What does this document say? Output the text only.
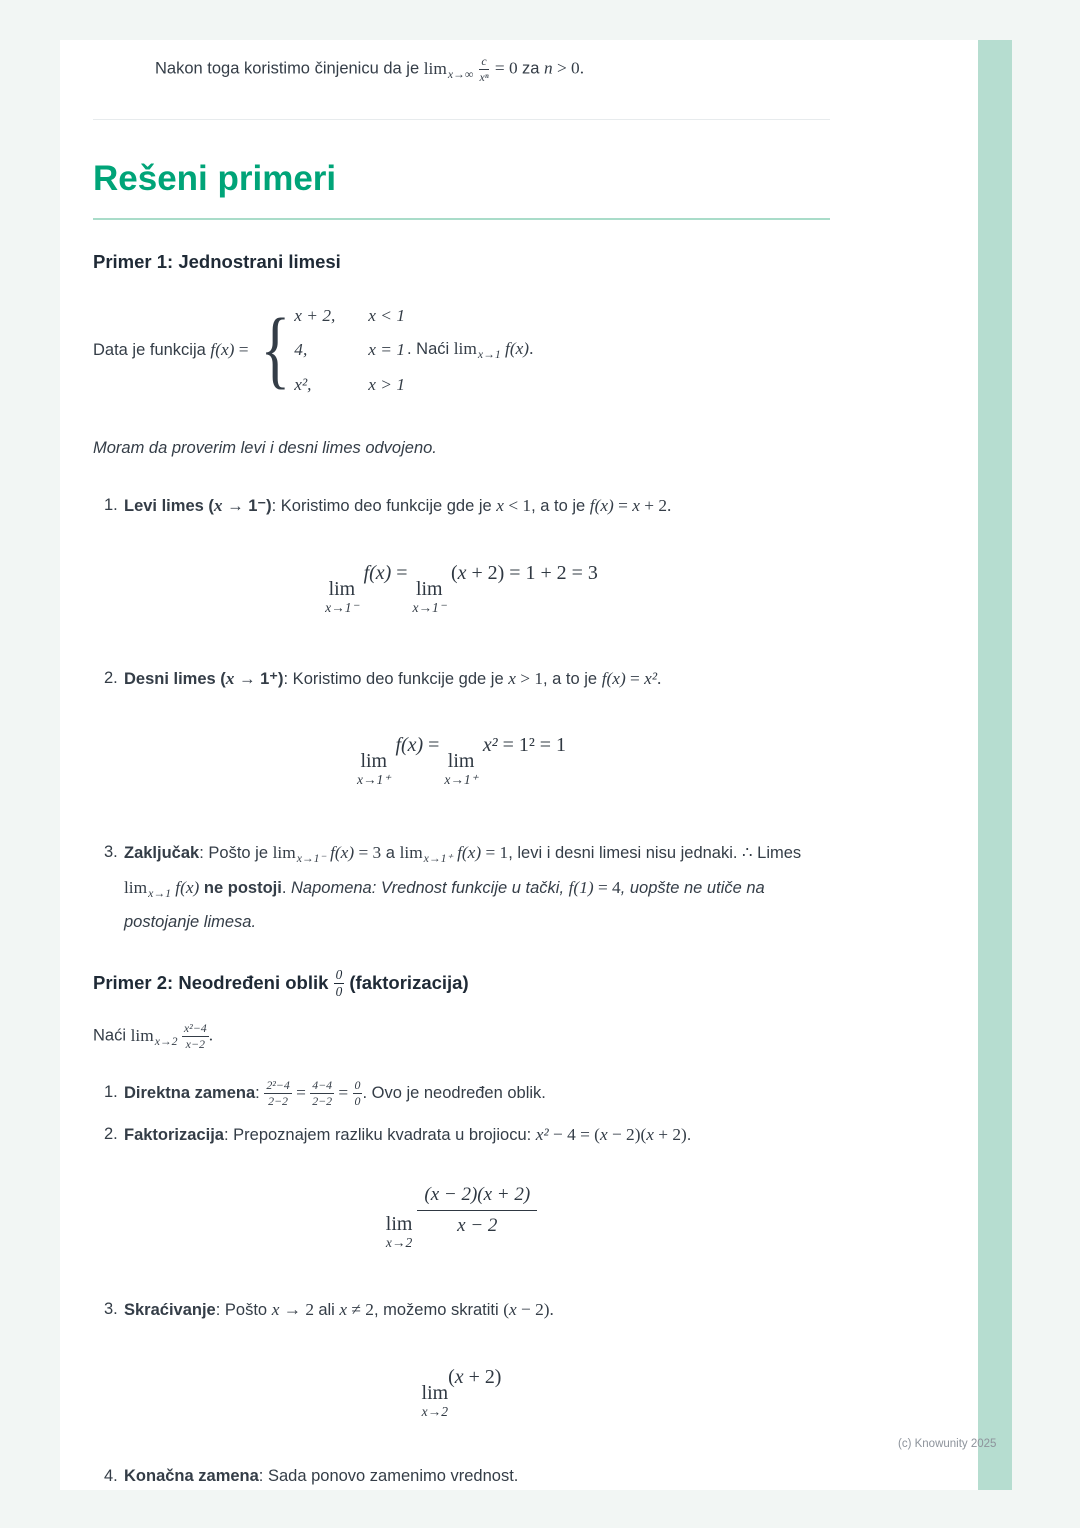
Nakon toga koristimo činjenicu da je $\lim_{x\to\infty} \frac{c}{\text{xⁿ}} = 0$ za n > 0.

Rešeni primeri
Primer 1: Jednostrani limesi
Data je funkcija f(x) = { x + 2,	x < 1
4,	x = 1
x²,	x > 1
. Naći $\lim_{x\to 1} f(x)$.

Moram da proverim levi i desni limes odvojeno.

1. Levi limes (x → 1⁻): Koristimo deo funkcije gde je x < 1, a to je f(x) = x + 2.
lim
x→1⁻
f(x) =
lim
x→1⁻
(x + 2) = 1 + 2 = 3
2. Desni limes (x → 1⁺): Koristimo deo funkcije gde je x > 1, a to je f(x) = x².
lim
x→1⁺
f(x) =
lim
x→1⁺
x² = 1² = 1
3. Zaključak: Pošto je $\lim_{x\to 1^-} f(x) = 3$ a $\lim_{x\to 1^+} f(x) = 1$, levi i desni limesi nisu jednaki. ∴ Limes $\lim_{x\to 1} f(x)$ ne postoji. Napomena: Vrednost funkcije u tački, f(1) = 4, uopšte ne utiče na postojanje limesa.
Primer 2: Neodređeni oblik $\frac{0}{0}$ (faktorizacija)

Naći $\lim_{x\to 2} \frac{\text{x²−4}}{x-2}$ .

1. Direktna zamena: $\frac{\text{2²−4}}{2-2} = \frac{4-4}{2-2} = \frac{0}{0}$ . Ovo je neodređen oblik.
2. Faktorizacija: Prepoznajem razliku kvadrata u brojiocu: x² − 4 = (x − 2)(x + 2).
lim
x→2

$\frac{(x - 2)(x + 2)}{x - 2}$
3. Skraćivanje: Pošto x → 2 ali x ≠ 2, možemo skratiti (x − 2).
lim
x→2
(x + 2)
4. Konačna zamena: Sada ponovo zamenimo vrednost.
(c) Knowunity 2025
